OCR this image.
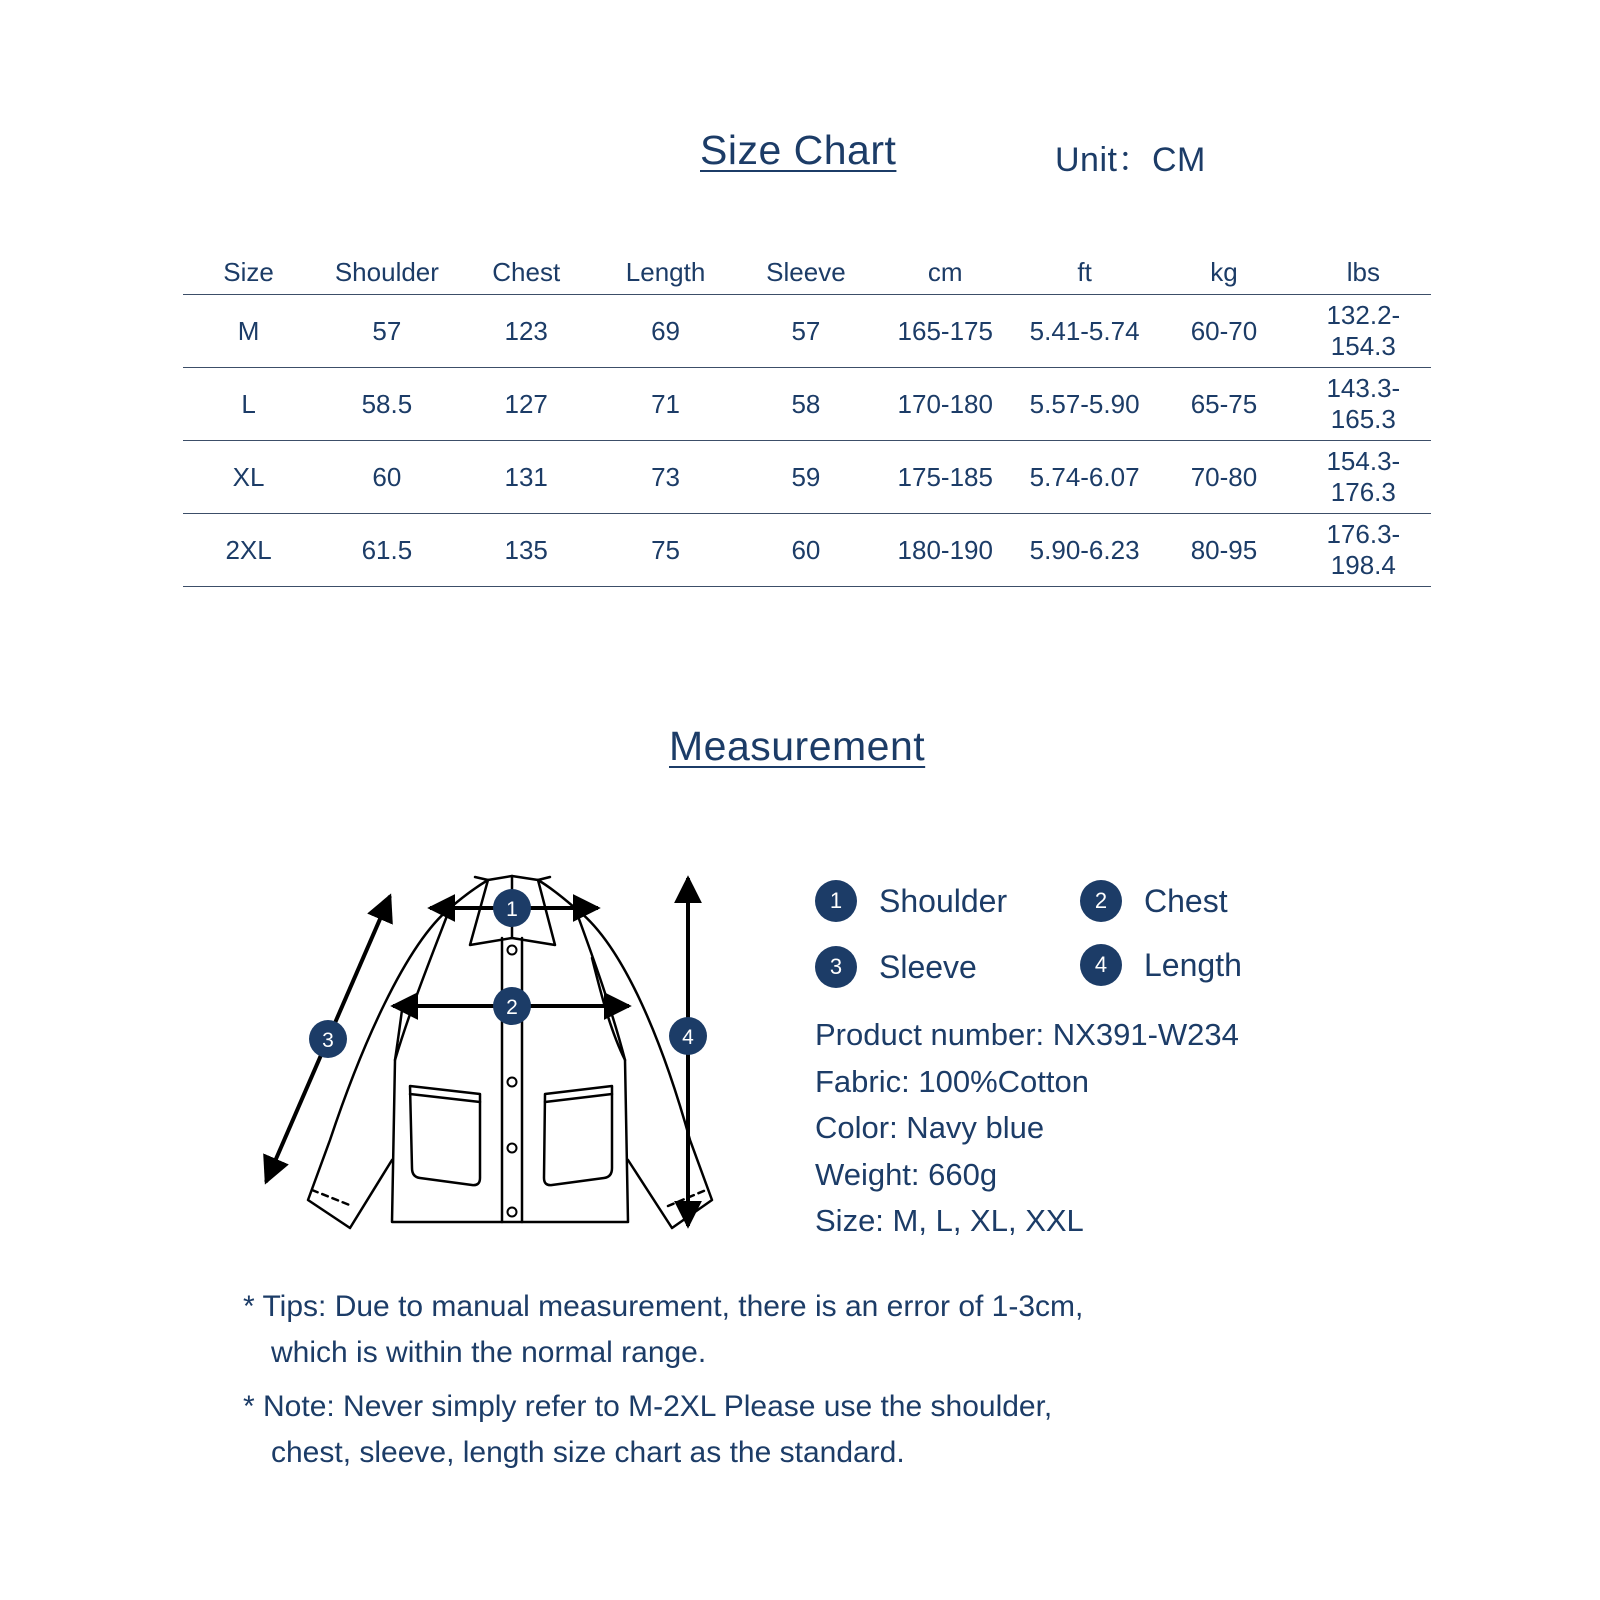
Size Chart	Unit：CM
Size	Shoulder	Chest	Length	Sleeve	cm	ft	kg	lbs
M	57	123	69	57	165-175	5.41-5.74	60-70	132.2-154.3
L	58.5	127	71	58	170-180	5.57-5.90	65-75	143.3-165.3
XL	60	131	73	59	175-185	5.74-6.07	70-80	154.3-176.3
2XL	61.5	135	75	60	180-190	5.90-6.23	80-95	176.3-198.4
Measurement
1
2
3	4
1	Shoulder	2	Chest
3	Sleeve	4	Length
Product number: NX391-W234
Fabric: 100%Cotton
Color: Navy blue
Weight: 660g
Size: M, L, XL, XXL
* Tips: Due to manual measurement, there is an error of 1-3cm,
which is within the normal range.
* Note: Never simply refer to M-2XL Please use the shoulder,
chest, sleeve, length size chart as the standard.
